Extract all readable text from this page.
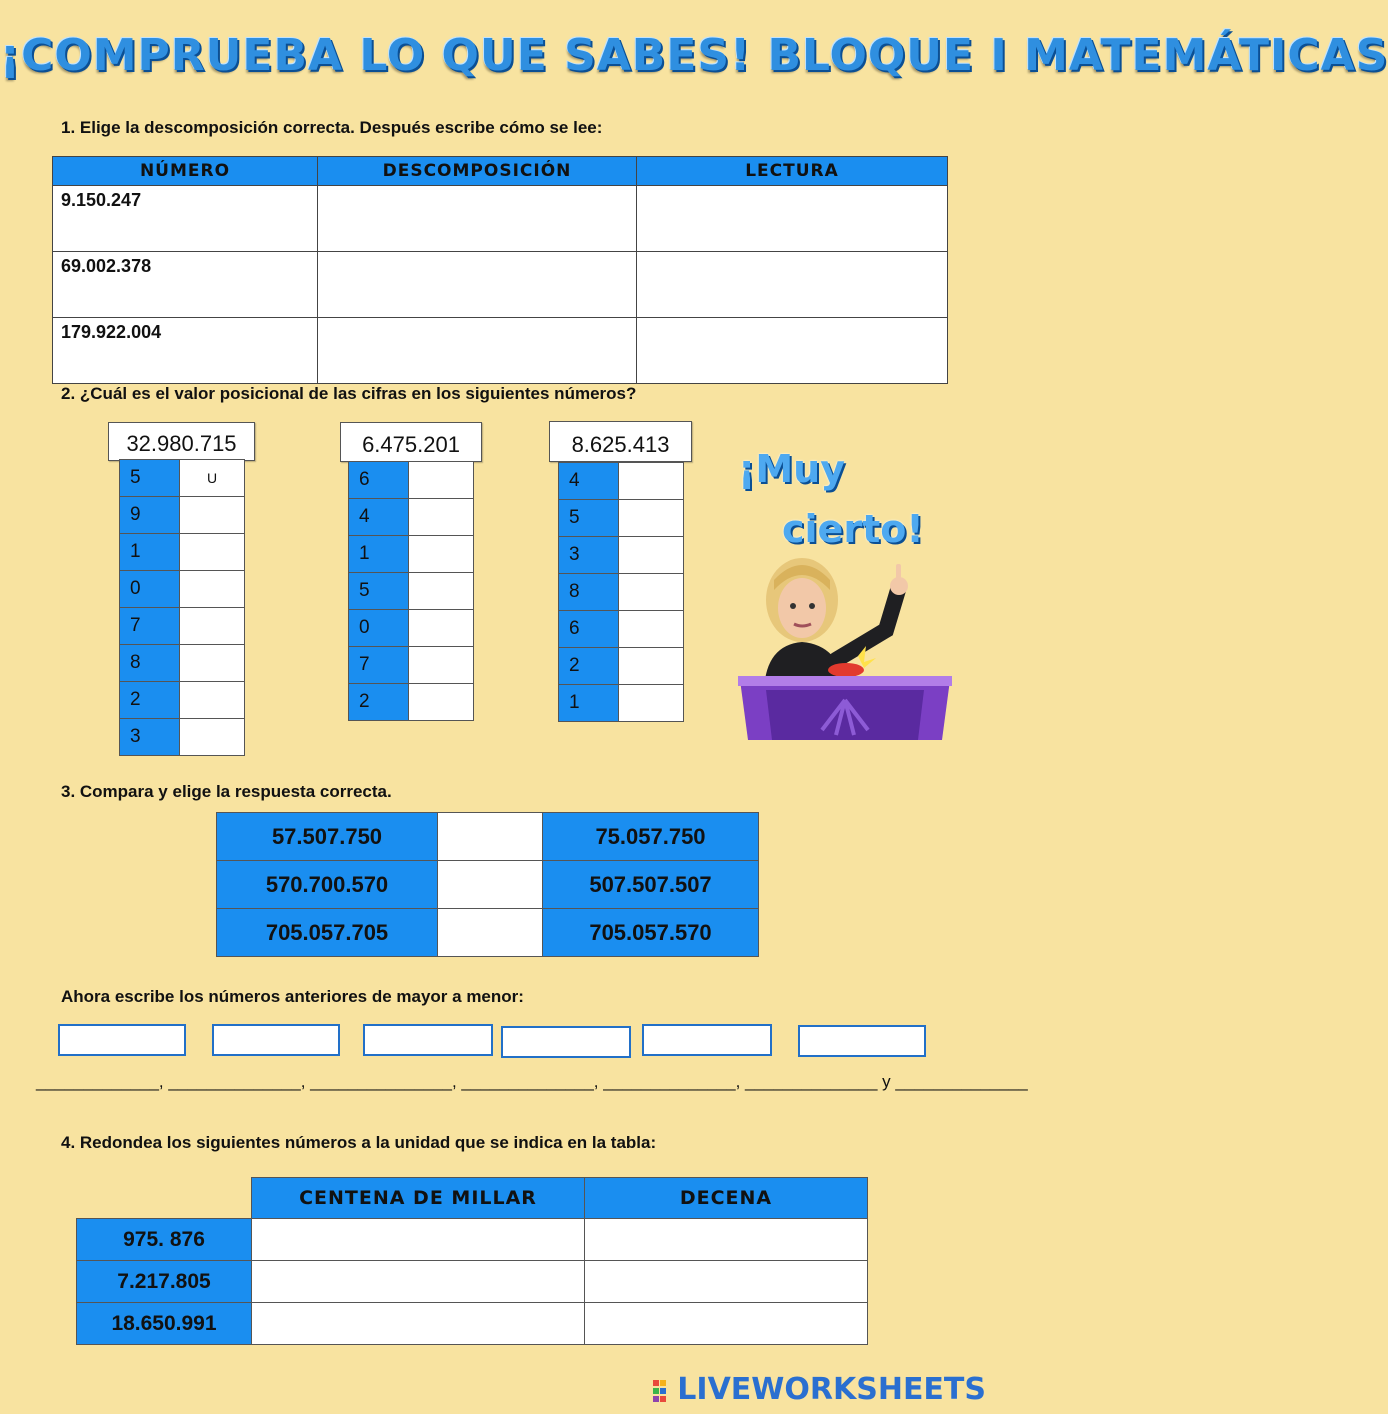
¡COMPRUEBA LO QUE SABES! BLOQUE I MATEMÁTICAS
1. Elige la descomposición correcta. Después escribe cómo se lee:
NÚMERO	DESCOMPOSICIÓN	LECTURA
9.150.247		
69.002.378		
179.922.004		
2. ¿Cuál es el valor posicional de las cifras en los siguientes números?
32.980.715
5	U
9	
1	
0	
7	
8	
2	
3	
6.475.201
6	
4	
1	
5	
0	
7	
2	
8.625.413
4	
5	
3	
8	
6	
2	
1	
¡Muy
cierto!
3. Compara y elige la respuesta correcta.
57.507.750		75.057.750
570.700.570		507.507.507
705.057.705		705.057.570
Ahora escribe los números anteriores de mayor a menor:
_____________, ______________, _______________, ______________, ______________, ______________ y ______________
4. Redondea los siguientes números a la unidad que se indica en la tabla:
	CENTENA DE MILLAR	DECENA
975. 876		
7.217.805		
18.650.991		
LIVEWORKSHEETS
